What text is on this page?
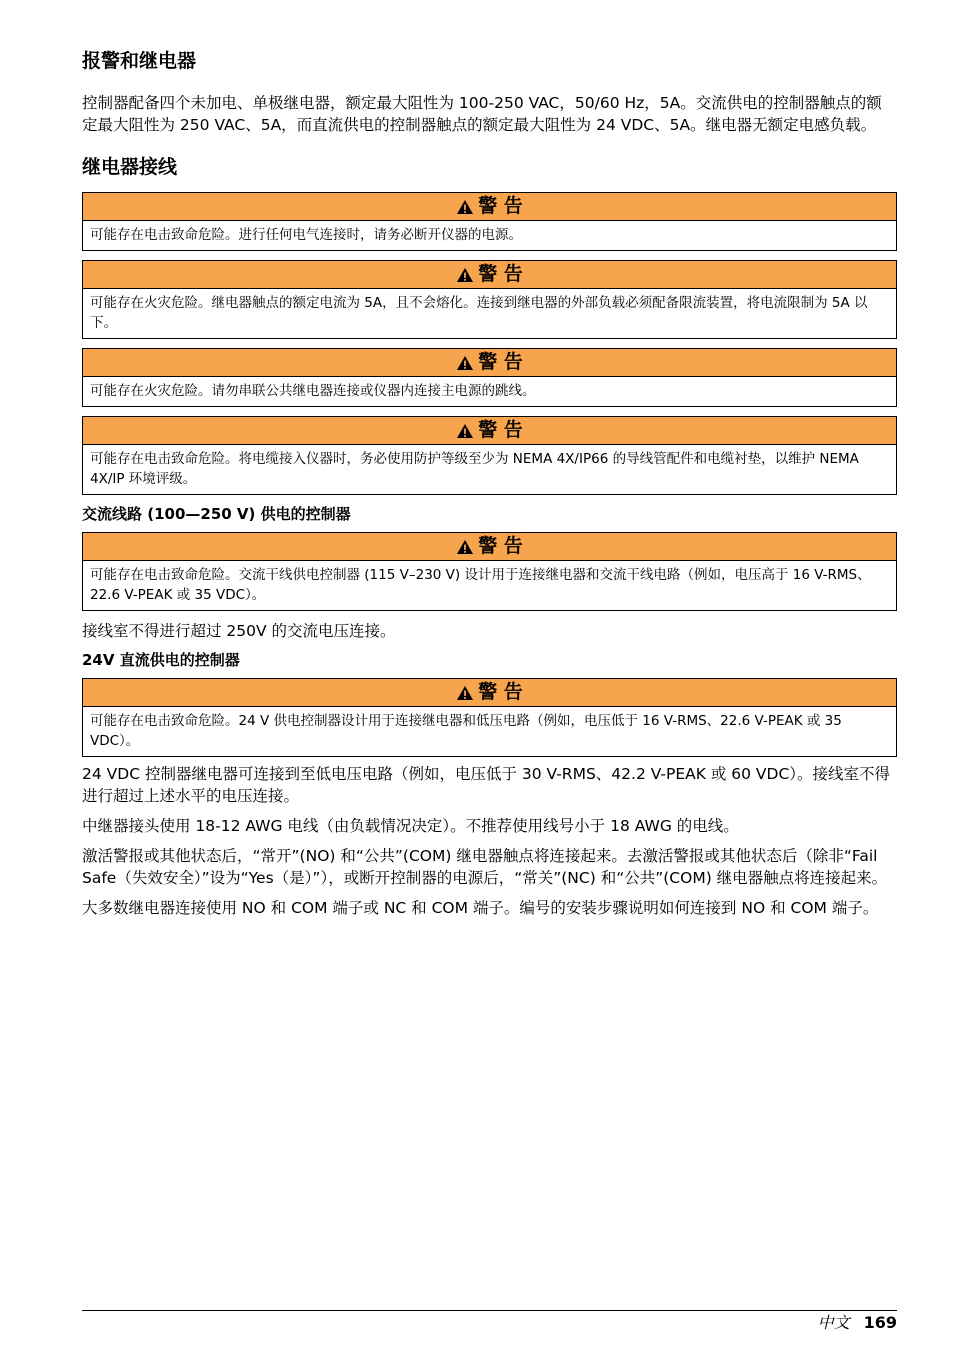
报警和继电器

控制器配备四个未加电、单极继电器，额定最大阻性为 100-250 VAC，50/60 Hz，5A。交流供电的控制器触点的额定最大阻性为 250 VAC、5A，而直流供电的控制器触点的额定最大阻性为 24 VDC、5A。继电器无额定电感负载。

继电器接线
警 告
可能存在电击致命危险。进行任何电气连接时，请务必断开仪器的电源。
警 告
可能存在火灾危险。继电器触点的额定电流为 5A，且不会熔化。连接到继电器的外部负载必须配备限流装置，将电流限制为 5A 以下。
警 告
可能存在火灾危险。请勿串联公共继电器连接或仪器内连接主电源的跳线。
警 告
可能存在电击致命危险。将电缆接入仪器时，务必使用防护等级至少为 NEMA 4X/IP66 的导线管配件和电缆衬垫，以维护 NEMA 4X/IP 环境评级。
交流线路 (100—250 V) 供电的控制器
警 告
可能存在电击致命危险。交流干线供电控制器 (115 V–230 V) 设计用于连接继电器和交流干线电路（例如，电压高于 16 V-RMS、22.6 V-PEAK 或 35 VDC）。

接线室不得进行超过 250V 的交流电压连接。

24V 直流供电的控制器
警 告
可能存在电击致命危险。24 V 供电控制器设计用于连接继电器和低压电路（例如，电压低于 16 V-RMS、22.6 V-PEAK 或 35 VDC）。

24 VDC 控制器继电器可连接到至低电压电路（例如，电压低于 30 V-RMS、42.2 V-PEAK 或 60 VDC）。接线室不得进行超过上述水平的电压连接。

中继器接头使用 18-12 AWG 电线（由负载情况决定）。不推荐使用线号小于 18 AWG 的电线。

激活警报或其他状态后，“常开”(NO) 和“公共”(COM) 继电器触点将连接起来。去激活警报或其他状态后（除非“Fail Safe（失效安全）”设为“Yes（是）”），或断开控制器的电源后，“常关”(NC) 和“公共”(COM) 继电器触点将连接起来。

大多数继电器连接使用 NO 和 COM 端子或 NC 和 COM 端子。编号的安装步骤说明如何连接到 NO 和 COM 端子。

中文 169
